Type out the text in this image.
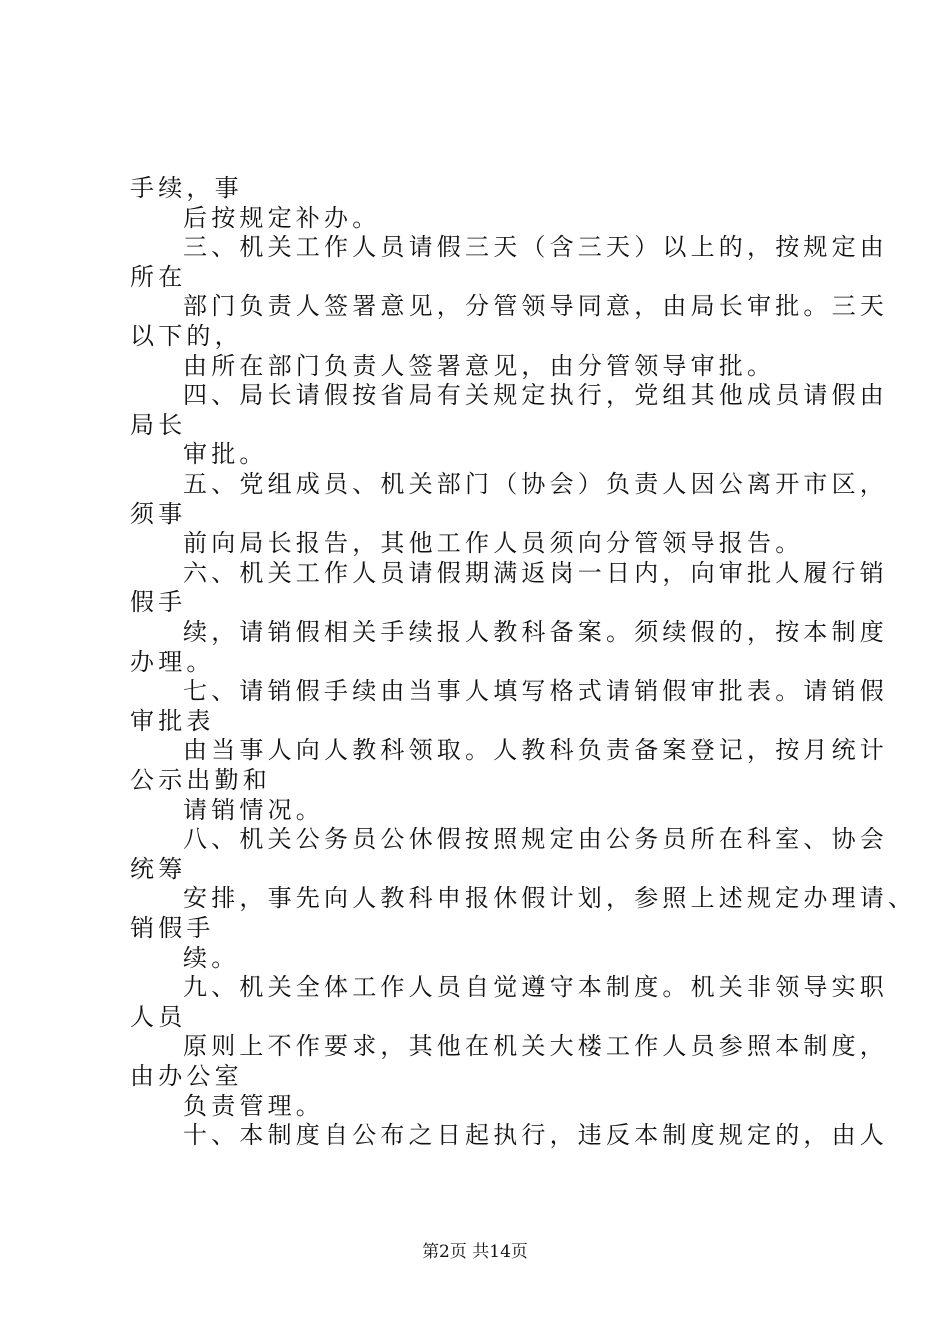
手续，事
后按规定补办。
三、机关工作人员请假三天（含三天）以上的，按规定由
所在
部门负责人签署意见，分管领导同意，由局长审批。三天
以下的，
由所在部门负责人签署意见，由分管领导审批。
四、局长请假按省局有关规定执行，党组其他成员请假由
局长
审批。
五、党组成员、机关部门（协会）负责人因公离开市区，
须事
前向局长报告，其他工作人员须向分管领导报告。
六、机关工作人员请假期满返岗一日内，向审批人履行销
假手
续，请销假相关手续报人教科备案。须续假的，按本制度
办理。
七、请销假手续由当事人填写格式请销假审批表。请销假
审批表
由当事人向人教科领取。人教科负责备案登记，按月统计
公示出勤和
请销情况。
八、机关公务员公休假按照规定由公务员所在科室、协会
统筹
安排，事先向人教科申报休假计划，参照上述规定办理请、
销假手
续。
九、机关全体工作人员自觉遵守本制度。机关非领导实职
人员
原则上不作要求，其他在机关大楼工作人员参照本制度，
由办公室
负责管理。
十、本制度自公布之日起执行，违反本制度规定的，由人
第2页 共14页
